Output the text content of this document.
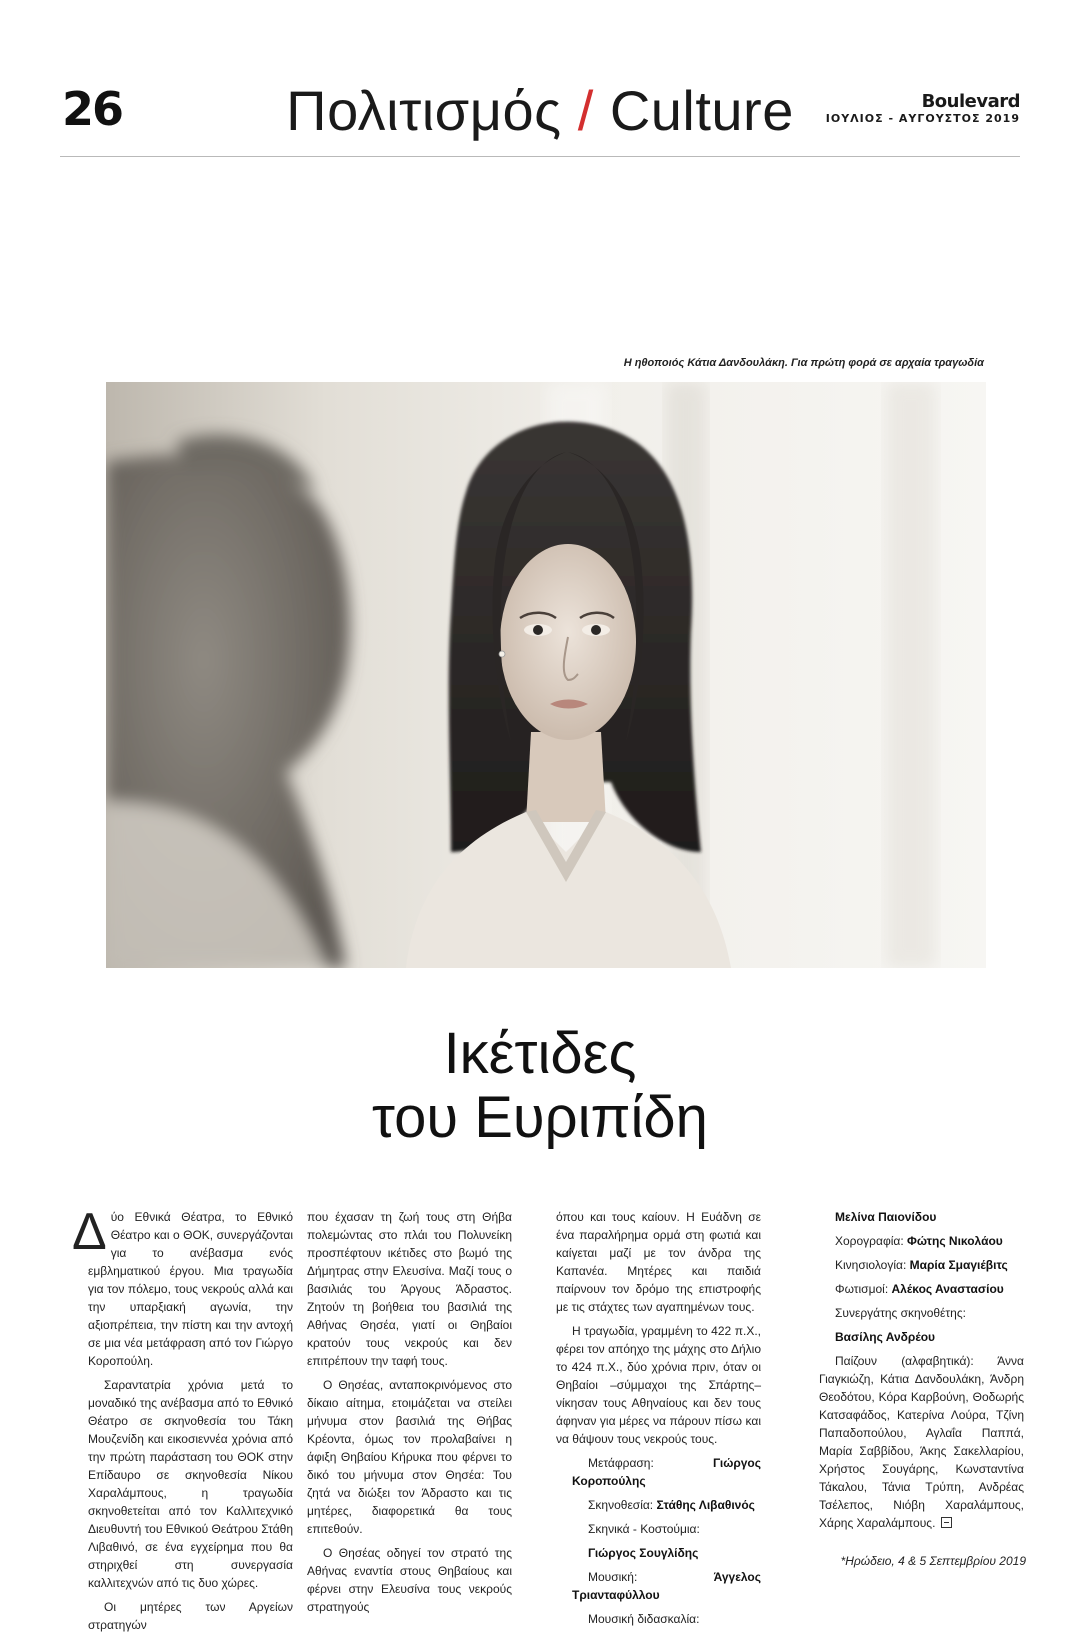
26	Πολιτισμός / Culture	Boulevard
ΙΟΥΛΙΟΣ - ΑΥΓΟΥΣΤΟΣ 2019
Η ηθοποιός Κάτια Δανδουλάκη. Για πρώτη φορά σε αρχαία τραγωδία
Ικέτιδες
του Ευριπίδη

Δύο Εθνικά Θέατρα, το Εθνικό Θέατρο και ο ΘΟΚ, συνεργάζονται για το ανέβασμα ενός εμβληματικού έργου. Μια τραγωδία για τον πόλεμο, τους νεκρούς αλλά και την υπαρξιακή αγωνία, την αξιοπρέπεια, την πίστη και την αντοχή σε μια νέα μετάφραση από τον Γιώργο Κοροπούλη.

Σαραντατρία χρόνια μετά το μοναδικό της ανέβασμα από το Εθνικό Θέατρο σε σκηνοθεσία του Τάκη Μουζενίδη και εικοσιεννέα χρόνια από την πρώτη παράσταση του ΘΟΚ στην Επίδαυρο σε σκηνοθεσία Νίκου Χαραλάμπους, η τραγωδία σκηνοθετείται από τον Καλλιτεχνικό Διευθυντή του Εθνικού Θεάτρου Στάθη Λιβαθινό, σε ένα εγχείρημα που θα στηριχθεί στη συνεργασία καλλιτεχνών από τις δυο χώρες.

Οι μητέρες των Αργείων στρατηγών

που έχασαν τη ζωή τους στη Θήβα πολεμώντας στο πλάι του Πολυνείκη προσπέφτουν ικέτιδες στο βωμό της Δήμητρας στην Ελευσίνα. Μαζί τους ο βασιλιάς του Άργους Άδραστος. Ζητούν τη βοήθεια του βασιλιά της Αθήνας Θησέα, γιατί οι Θηβαίοι κρατούν τους νεκρούς και δεν επιτρέπουν την ταφή τους.

Ο Θησέας, ανταποκρινόμενος στο δίκαιο αίτημα, ετοιμάζεται να στείλει μήνυμα στον βασιλιά της Θήβας Κρέοντα, όμως τον προλαβαίνει η άφιξη Θηβαίου Κήρυκα που φέρνει το δικό του μήνυμα στον Θησέα: Του ζητά να διώξει τον Άδραστο και τις μητέρες, διαφορετικά θα τους επιτεθούν.

Ο Θησέας οδηγεί τον στρατό της Αθήνας εναντία στους Θηβαίους και φέρνει στην Ελευσίνα τους νεκρούς στρατηγούς

όπου και τους καίουν. Η Ευάδνη σε ένα παραλήρημα ορμά στη φωτιά και καίγεται μαζί με τον άνδρα της Καπανέα. Μητέρες και παιδιά παίρνουν τον δρόμο της επιστροφής με τις στάχτες των αγαπημένων τους.

Η τραγωδία, γραμμένη το 422 π.Χ., φέρει τον απόηχο της μάχης στο Δήλιο το 424 π.Χ., δύο χρόνια πριν, όταν οι Θηβαίοι –σύμμαχοι της Σπάρτης– νίκησαν τους Αθηναίους και δεν τους άφηναν για μέρες να πάρουν πίσω και να θάψουν τους νεκρούς τους.

Μετάφραση: Γιώργος Κοροπούλης

Σκηνοθεσία: Στάθης Λιβαθινός

Σκηνικά - Κοστούμια:

Γιώργος Σουγλίδης

Μουσική: Άγγελος Τριανταφύλλου

Μουσική διδασκαλία:

Μελίνα Παιονίδου

Χορογραφία: Φώτης Νικολάου

Κινησιολογία: Μαρία Σμαγιέβιτς

Φωτισμοί: Αλέκος Αναστασίου

Συνεργάτης σκηνοθέτης:

Βασίλης Ανδρέου

Παίζουν (αλφαβητικά): Άννα Γιαγκιώζη, Κάτια Δανδουλάκη, Άνδρη Θεοδότου, Κόρα Καρβούνη, Θοδωρής Κατσαφάδος, Κατερίνα Λούρα, Τζίνη Παπαδοπούλου, Αγλαΐα Παππά, Μαρία Σαββίδου, Άκης Σακελλαρίου, Χρήστος Σουγάρης, Κωνσταντίνα Τάκαλου, Τάνια Τρύπη, Ανδρέας Τσέλεπος, Νιόβη Χαραλάμπους, Χάρης Χαραλάμπους.

*Ηρώδειο, 4 & 5 Σεπτεμβρίου 2019
